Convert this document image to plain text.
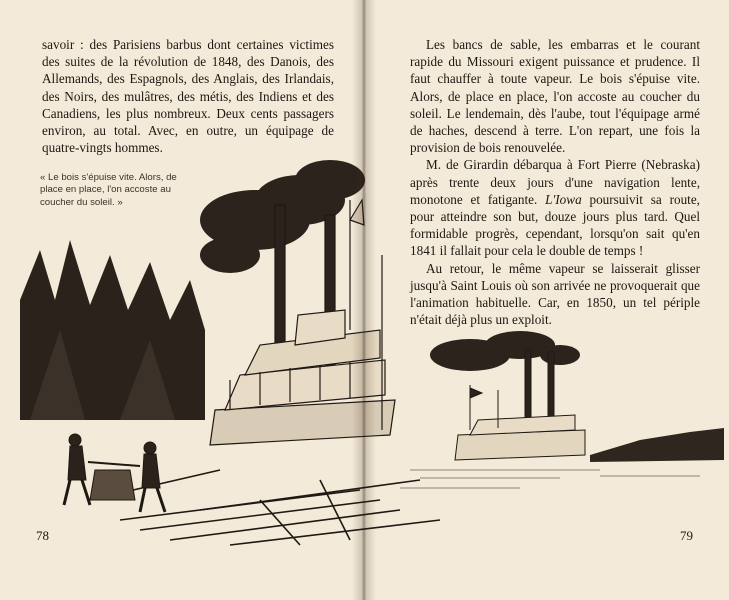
savoir : des Parisiens barbus dont certaines victimes des suites de la révolution de 1848, des Danois, des Allemands, des Espagnols, des Anglais, des Irlandais, des Noirs, des mulâtres, des métis, des Indiens et des Canadiens, les plus nombreux. Deux cents passagers environ, au total. Avec, en outre, un équipage de quatre-vingts hommes.

« Le bois s'épuise vite. Alors, de place en place, l'on accoste au coucher du soleil. »

Les bancs de sable, les embarras et le courant rapide du Missouri exigent puissance et prudence. Il faut chauffer à toute vapeur. Le bois s'épuise vite. Alors, de place en place, l'on accoste au coucher du soleil. Le lendemain, dès l'aube, tout l'équipage armé de haches, descend à terre. L'on repart, une fois la provision de bois renouvelée.

M. de Girardin débarqua à Fort Pierre (Nebraska) après trente deux jours d'une navigation lente, monotone et fatigante. L'Iowa poursuivit sa route, pour atteindre son but, douze jours plus tard. Quel formidable progrès, cependant, lorsqu'on sait qu'en 1841 il fallait pour cela le double de temps !

Au retour, le même vapeur se laisserait glisser jusqu'à Saint Louis où son arrivée ne provoquerait que l'animation habituelle. Car, en 1850, un tel périple n'était déjà plus un exploit.

78	79
